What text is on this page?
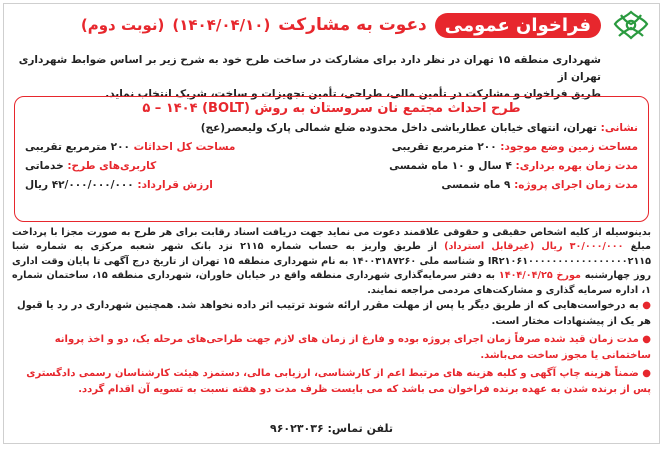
فراخوان عمومی
دعوت به مشارکت
(۱۴۰۴/۰۴/۱۰)
(نوبت دوم)
شهرداری منطقه ۱۵ تهران در نظر دارد برای مشارکت در ساخت طرح خود به شرح زیر بر اساس ضوابط شهرداری تهران از
طریق فراخوان و مشارکت در تأمین مالی، طراحی، تأمین تجهیزات و ساخت، شریک انتخاب نماید.
طرح احداث مجتمع نان سروستان به روش (BOLT) ۵ – ۱۴۰۴
نشانی: تهران، انتهای خیابان عطارباشی داخل محدوده ضلع شمالی پارک ولیعصر(عج)
مساحت زمین وضع موجود: ۲۰۰ مترمربع تقریبی
مساحت کل احداثات ۲۰۰ مترمربع تقریبی
مدت زمان بهره برداری: ۴ سال و ۱۰ ماه شمسی
کاربری‌های طرح: خدماتی
مدت زمان اجرای پروژه: ۹ ماه شمسی
ارزش قرارداد: ۴۲/۰۰۰/۰۰۰/۰۰۰ ریال
بدینوسیله از کلیه اشخاص حقیقی و حقوقی علاقمند دعوت می نماید جهت دریافت اسناد رقابت برای هر طرح به صورت مجزا با پرداخت مبلغ ۳۰/۰۰۰/۰۰۰ ریال (غیرقابل استرداد) از طریق واریز به حساب شماره ۲۱۱۵ نزد بانک شهر شعبه مرکزی به شماره شبا IR۲۱۰۶۱۰۰۰۰۰۰۰۰۰۰۰۰۰۰۰۰۰۲۱۱۵ و شناسه ملی ۱۴۰۰۳۱۸۷۲۶۰ به نام شهرداری منطقه ۱۵ تهران از تاریخ درج آگهی تا پایان وقت اداری روز چهارشنبه مورخ ۱۴۰۴/۰۴/۲۵ به دفتر سرمایه‌گذاری شهرداری منطقه واقع در خیابان خاوران، شهرداری منطقه ۱۵، ساختمان شماره ۱، اداره سرمایه گذاری و مشارکت‌های مردمی مراجعه نمایند.

● به درخواست‌هایی که از طریق دیگر یا پس از مهلت مقرر ارائه شوند ترتیب اثر داده نخواهد شد. همچنین شهرداری در رد یا قبول هر یک از پیشنهادات مختار است.

● مدت زمان قید شده صرفاً زمان اجرای پروژه بوده و فارغ از زمان های لازم جهت طراحی‌های مرحله یک، دو و اخذ پروانه ساختمانی یا مجوز ساخت می‌باشد.

● ضمناً هزینه چاپ آگهی و کلیه هزینه های مرتبط اعم از کارشناسی، ارزیابی مالی، دستمزد هیئت کارشناسان رسمی دادگستری پس از برنده شدن به عهده برنده فراخوان می باشد که می بایست ظرف مدت دو هفته نسبت به تسویه آن اقدام گردد.

تلفن تماس: ۹۶۰۲۳۰۳۶
